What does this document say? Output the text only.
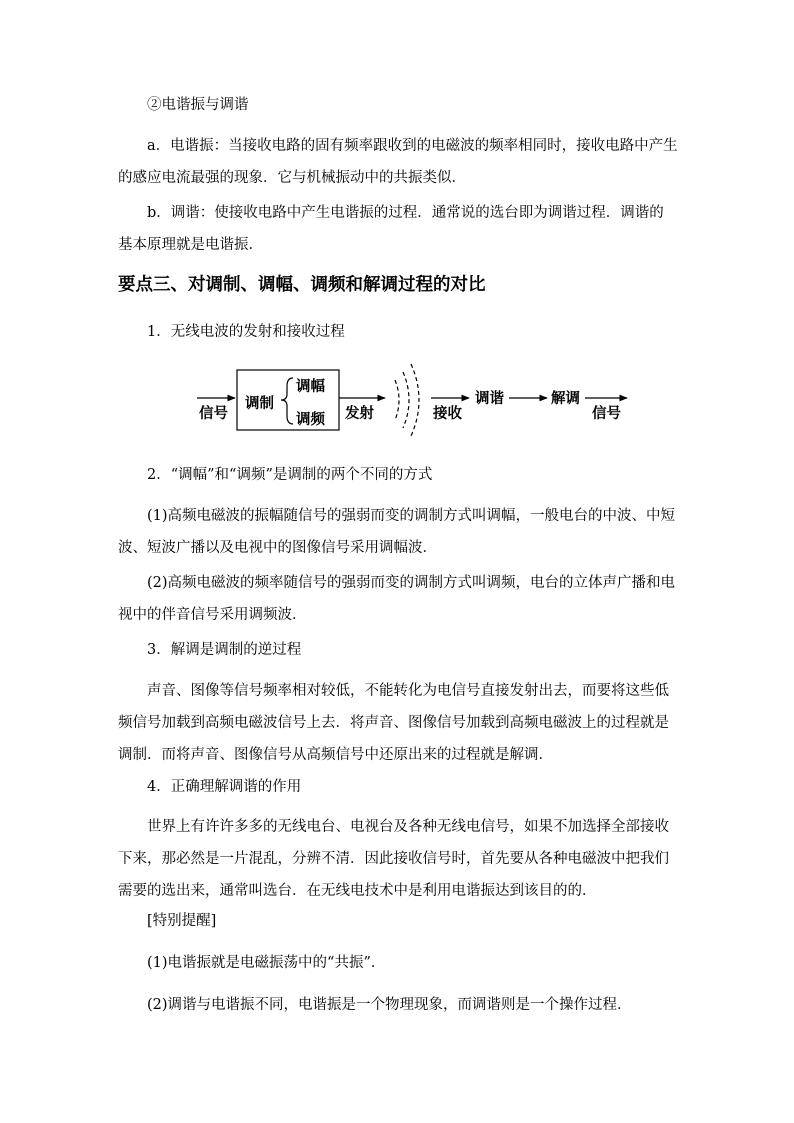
②电谐振与调谐

a．电谐振：当接收电路的固有频率跟收到的电磁波的频率相同时，接收电路中产生的感应电流最强的现象．它与机械振动中的共振类似．

b．调谐：使接收电路中产生电谐振的过程．通常说的选台即为调谐过程．调谐的基本原理就是电谐振．

要点三、对调制、调幅、调频和解调过程的对比

1．无线电波的发射和接收过程

信号
调制
调幅
调频 发射	接收
调谐	解调
信号

2．“调幅”和“调频”是调制的两个不同的方式

(1)高频电磁波的振幅随信号的强弱而变的调制方式叫调幅，一般电台的中波、中短波、短波广播以及电视中的图像信号采用调幅波．

(2)高频电磁波的频率随信号的强弱而变的调制方式叫调频，电台的立体声广播和电视中的伴音信号采用调频波．

3．解调是调制的逆过程

声音、图像等信号频率相对较低，不能转化为电信号直接发射出去，而要将这些低频信号加载到高频电磁波信号上去．将声音、图像信号加载到高频电磁波上的过程就是调制．而将声音、图像信号从高频信号中还原出来的过程就是解调．

4．正确理解调谐的作用

世界上有许许多多的无线电台、电视台及各种无线电信号，如果不加选择全部接收下来，那必然是一片混乱，分辨不清．因此接收信号时，首先要从各种电磁波中把我们需要的选出来，通常叫选台．在无线电技术中是利用电谐振达到该目的的．

[特别提醒]

(1)电谐振就是电磁振荡中的“共振”．

(2)调谐与电谐振不同，电谐振是一个物理现象，而调谐则是一个操作过程．
